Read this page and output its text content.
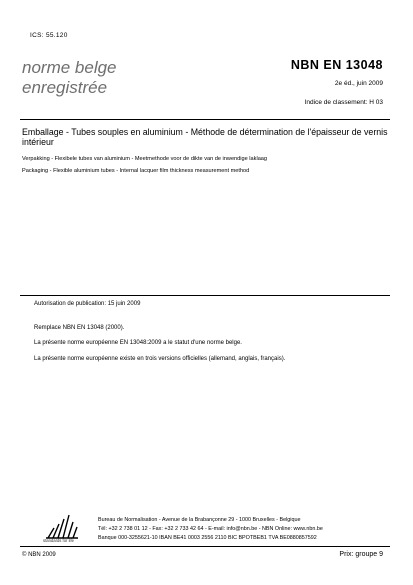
ICS: 55.120
norme belge
enregistrée
NBN EN 13048
2e éd., juin 2009
Indice de classement: H 03
Emballage - Tubes souples en aluminium - Méthode de détermination de l'épaisseur de vernis intérieur
Verpakking - Flexibele tubes van aluminium - Meetmethode voor de dikte van de inwendige laklaag
Packaging - Flexible aluminium tubes - Internal lacquer film thickness measurement method
Autorisation de publication: 15 juin 2009
Remplace NBN EN 13048 (2000).
La présente norme européenne EN 13048:2009 a le statut d'une norme belge.
La présente norme européenne existe en trois versions officielles (allemand, anglais, français).
standards for life
Bureau de Normalisation - Avenue de la Brabançonne 29 - 1000 Bruxelles - Belgique
Tél: +32 2 738 01 12 - Fax: +32 2 733 42 64 - E-mail: info@nbn.be - NBN Online: www.nbn.be
Banque 000-3255621-10 IBAN BE41 0003 2556 2110 BIC BPOTBEB1 TVA BE0880857592
© NBN 2009	Prix: groupe 9
